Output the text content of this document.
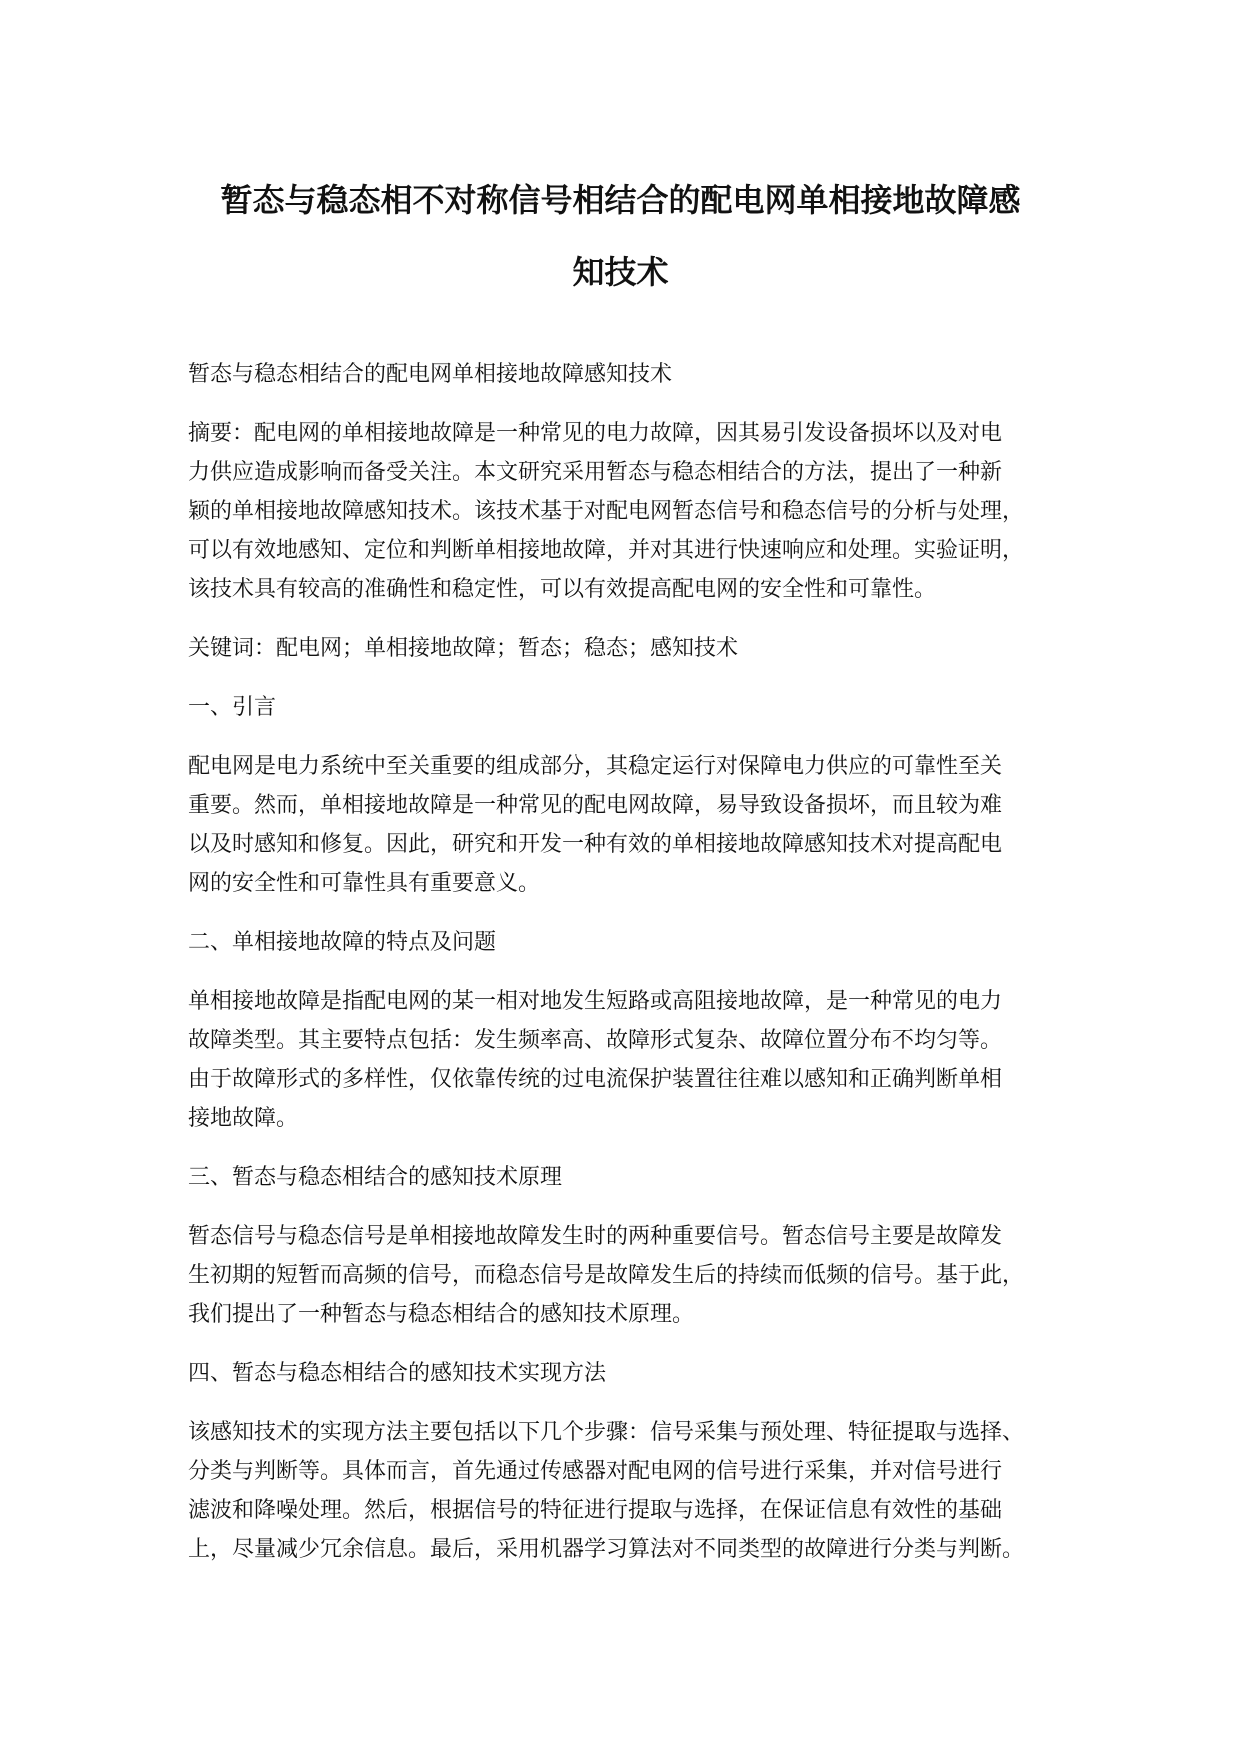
暂态与稳态相不对称信号相结合的配电网单相接地故障感
知技术
暂态与稳态相结合的配电网单相接地故障感知技术
摘要：配电网的单相接地故障是一种常见的电力故障，因其易引发设备损坏以及对电
力供应造成影响而备受关注。本文研究采用暂态与稳态相结合的方法，提出了一种新
颖的单相接地故障感知技术。该技术基于对配电网暂态信号和稳态信号的分析与处理，
可以有效地感知、定位和判断单相接地故障，并对其进行快速响应和处理。实验证明，
该技术具有较高的准确性和稳定性，可以有效提高配电网的安全性和可靠性。
关键词：配电网；单相接地故障；暂态；稳态；感知技术
一、引言
配电网是电力系统中至关重要的组成部分，其稳定运行对保障电力供应的可靠性至关
重要。然而，单相接地故障是一种常见的配电网故障，易导致设备损坏，而且较为难
以及时感知和修复。因此，研究和开发一种有效的单相接地故障感知技术对提高配电
网的安全性和可靠性具有重要意义。
二、单相接地故障的特点及问题
单相接地故障是指配电网的某一相对地发生短路或高阻接地故障，是一种常见的电力
故障类型。其主要特点包括：发生频率高、故障形式复杂、故障位置分布不均匀等。
由于故障形式的多样性，仅依靠传统的过电流保护装置往往难以感知和正确判断单相
接地故障。
三、暂态与稳态相结合的感知技术原理
暂态信号与稳态信号是单相接地故障发生时的两种重要信号。暂态信号主要是故障发
生初期的短暂而高频的信号，而稳态信号是故障发生后的持续而低频的信号。基于此，
我们提出了一种暂态与稳态相结合的感知技术原理。
四、暂态与稳态相结合的感知技术实现方法
该感知技术的实现方法主要包括以下几个步骤：信号采集与预处理、特征提取与选择、
分类与判断等。具体而言，首先通过传感器对配电网的信号进行采集，并对信号进行
滤波和降噪处理。然后，根据信号的特征进行提取与选择，在保证信息有效性的基础
上，尽量减少冗余信息。最后，采用机器学习算法对不同类型的故障进行分类与判断。
